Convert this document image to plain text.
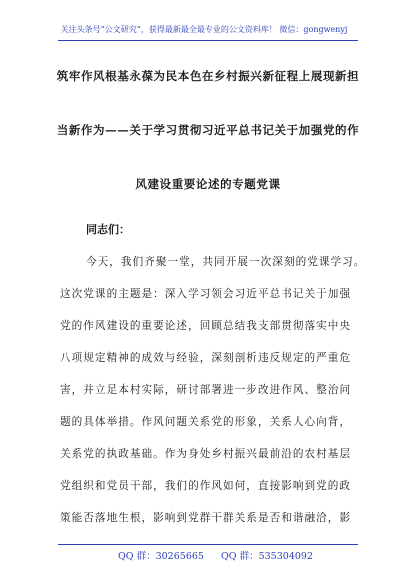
关注头条号“公文研究”，获得最新最全最专业的公文资料库！ 微信：gongwenyj
筑牢作风根基永葆为民本色在乡村振兴新征程上展现新担
当新作为——关于学习贯彻习近平总书记关于加强党的作
风建设重要论述的专题党课
同志们：
今天，我们齐聚一堂，共同开展一次深刻的党课学习。
这次党课的主题是：深入学习领会习近平总书记关于加强
党的作风建设的重要论述，回顾总结我支部贯彻落实中央
八项规定精神的成效与经验，深刻剖析违反规定的严重危
害，并立足本村实际，研讨部署进一步改进作风、整治问
题的具体举措。作风问题关系党的形象，关系人心向背，
关系党的执政基础。作为身处乡村振兴最前沿的农村基层
党组织和党员干部，我们的作风如何，直接影响到党的政
策能否落地生根，影响到党群干群关系是否和谐融洽，影
QQ 群：30265665 QQ 群：535304092
